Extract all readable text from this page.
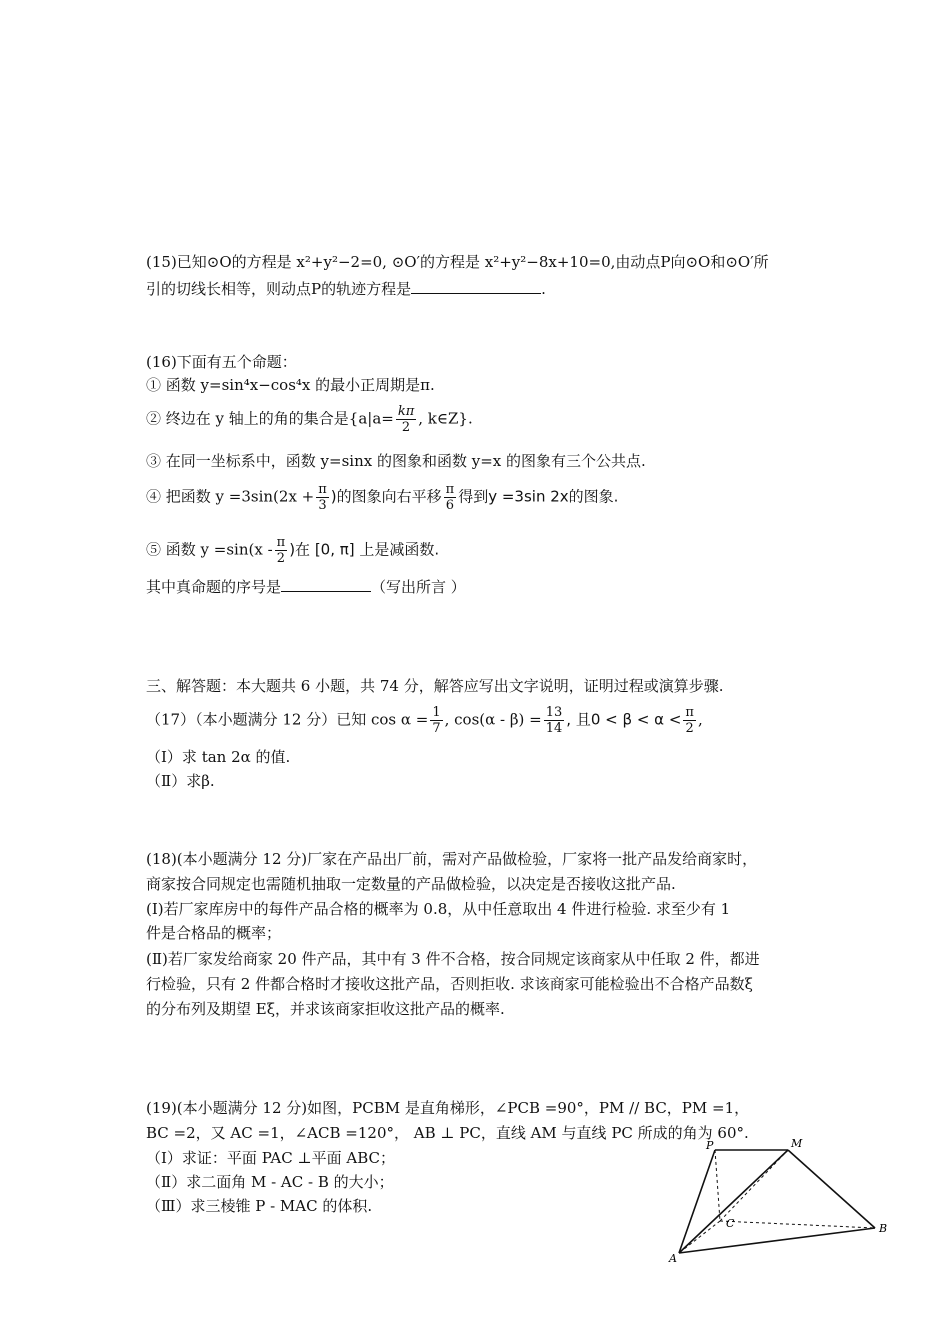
(15)已知⊙O的方程是 x²+y²−2=0, ⊙O′的方程是 x²+y²−8x+10=0,由动点P向⊙O和⊙O′所
引的切线长相等，则动点P的轨迹方程是	.
(16)下面有五个命题：
① 函数 y=sin⁴x−cos⁴x 的最小正周期是π.
② 终边在 y 轴上的角的集合是{$a|a= \frac{k\pi}{2}$ , k∈Z}.
③ 在同一坐标系中，函数 y=sinx 的图象和函数 y=x 的图象有三个公共点.
④ 把函数 $y =3\sin(2x + \frac{\pi}{3}$ )的图象向右平移 $\frac{\pi}{6}$ 得到y =3sin 2x的图象.
⑤ 函数 $y =\sin(x - \frac{\pi}{2}$ )在 [0, π] 上是减函数.
其中真命题的序号是	（写出所言 ）
三、解答题：本大题共 6 小题，共 74 分，解答应写出文字说明，证明过程或演算步骤.
（17）（本小题满分 12 分）已知 $\cos \alpha = \frac{1}{7}$ , $\cos(\alpha - \beta) = \frac{13}{14}$ , 且$0 < \beta < \alpha < \frac{\pi}{2}$ ,
（Ⅰ）求 tan 2α 的值.
（Ⅱ）求β.
(18)(本小题满分 12 分)厂家在产品出厂前，需对产品做检验，厂家将一批产品发给商家时，
商家按合同规定也需随机抽取一定数量的产品做检验，以决定是否接收这批产品.
(Ⅰ)若厂家库房中的每件产品合格的概率为 0.8，从中任意取出 4 件进行检验. 求至少有 1
件是合格品的概率；
(Ⅱ)若厂家发给商家 20 件产品，其中有 3 件不合格，按合同规定该商家从中任取 2 件，都进
行检验，只有 2 件都合格时才接收这批产品，否则拒收. 求该商家可能检验出不合格产品数ξ
的分布列及期望 Eξ，并求该商家拒收这批产品的概率.
(19)(本小题满分 12 分)如图，PCBM 是直角梯形，∠PCB =90°，PM // BC，PM =1，
BC =2，又 AC =1，∠ACB =120°， AB ⊥ PC，直线 AM 与直线 PC 所成的角为 60°.
（Ⅰ）求证：平面 PAC ⊥平面 ABC；
（Ⅱ）求二面角 M - AC - B 的大小；
（Ⅲ）求三棱锥 P - MAC 的体积.
P	M
C	B
A
